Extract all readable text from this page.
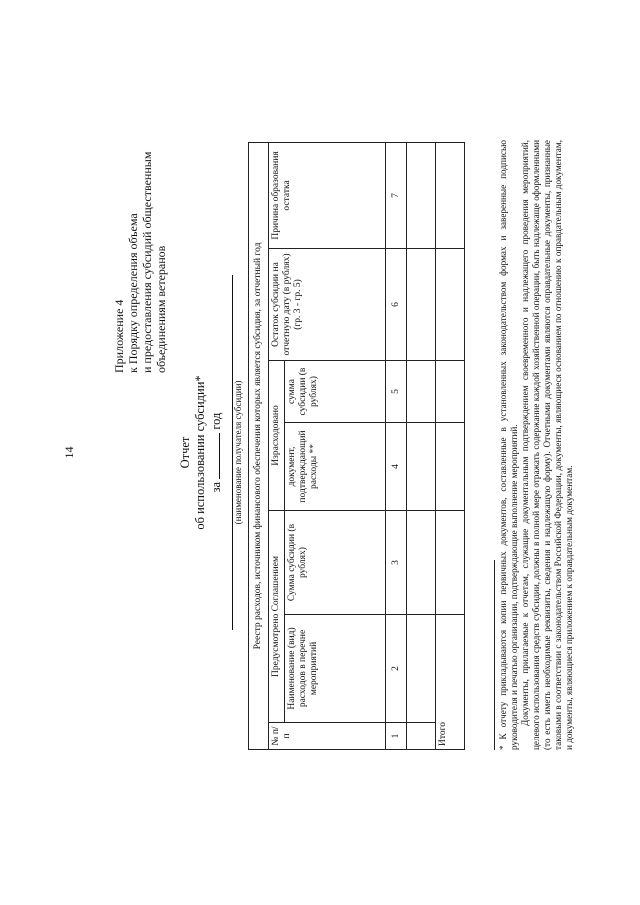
14
Приложение 4 к Порядку определения объема и предоставления субсидий общественным объединениям ветеранов
Отчет об использовании субсидии* за  год (наименование получателя субсидии) Реестр расходов, источником финансового обеспечения которых является субсидия, за отчетный год						
№ п/п	Предусмотрено Соглашением		Израсходовано		Остаток субсидии на отчетную дату (в рублях) (гр. 3 - гр. 5)	Причина образования остатка
	Наименование (вид) расходов в перечне мероприятий	Сумма субсидии (в рублях)	документ, подтверждающий расходы **	сумма субсидии (в рублях)		
1	2	3	4	5	6	7

Итого							* К отчету прикладываются копии первичных документов, составленные в установленных законодательством формах и заверенные подписью руководителя и печатью организации, подтверждающие выполнение мероприятий. Документы, прилагаемые к отчетам, служащие документальным подтверждением своевременного и надлежащего проведения мероприятий, целевого использования средств субсидии, должны в полной мере отражать содержание каждой хозяйственной операции, быть надлежаще оформленными (то есть иметь необходимые реквизиты, сведения и надлежащую форму). Отчетными документами являются оправдательные документы, признанные таковыми в соответствии с законодательством Российской Федерации, документы, являющиеся основанием по отношению к оправдательным документам, и документы, являющиеся приложением к оправдательным документам.
